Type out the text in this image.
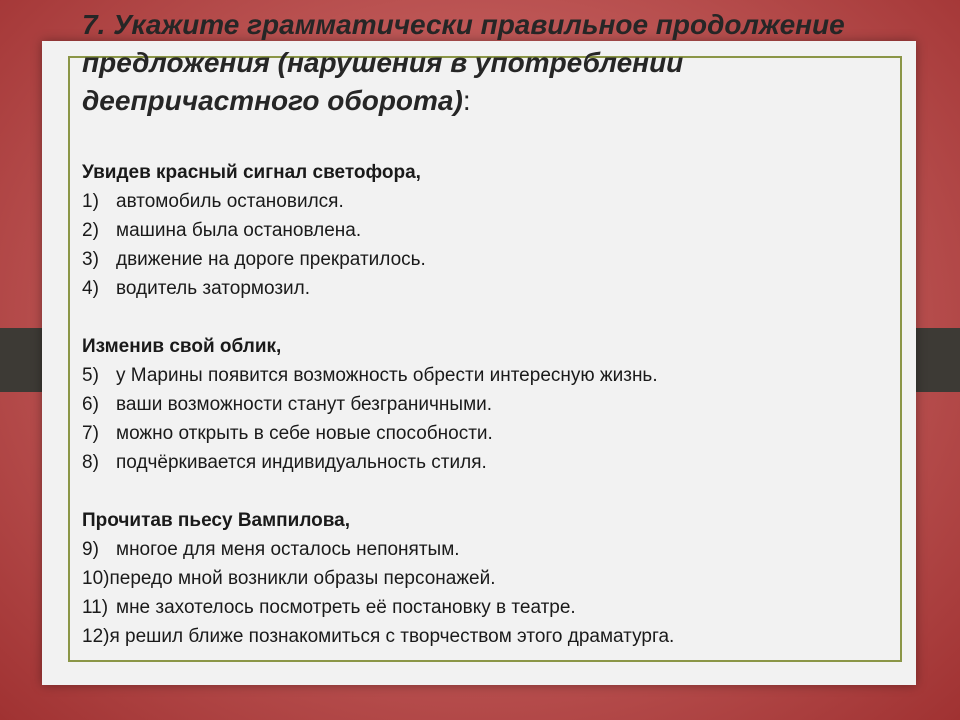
7. Укажите грамматически правильное продолжение предложения (нарушения в употреблении деепричастного оборота):
Увидев красный сигнал светофора,
1) автомобиль остановился.
2) машина была остановлена.
3) движение на дороге прекратилось.
4) водитель затормозил.
Изменив свой облик,
5) у Марины появится возможность обрести интересную жизнь.
6) ваши возможности станут безграничными.
7) можно открыть в себе новые способности.
8) подчёркивается индивидуальность стиля.
Прочитав пьесу Вампилова,
9) многое для меня осталось непонятым.
10)передо мной возникли образы персонажей.
11) мне захотелось посмотреть её постановку в театре.
12)я решил ближе познакомиться с творчеством этого драматурга.
